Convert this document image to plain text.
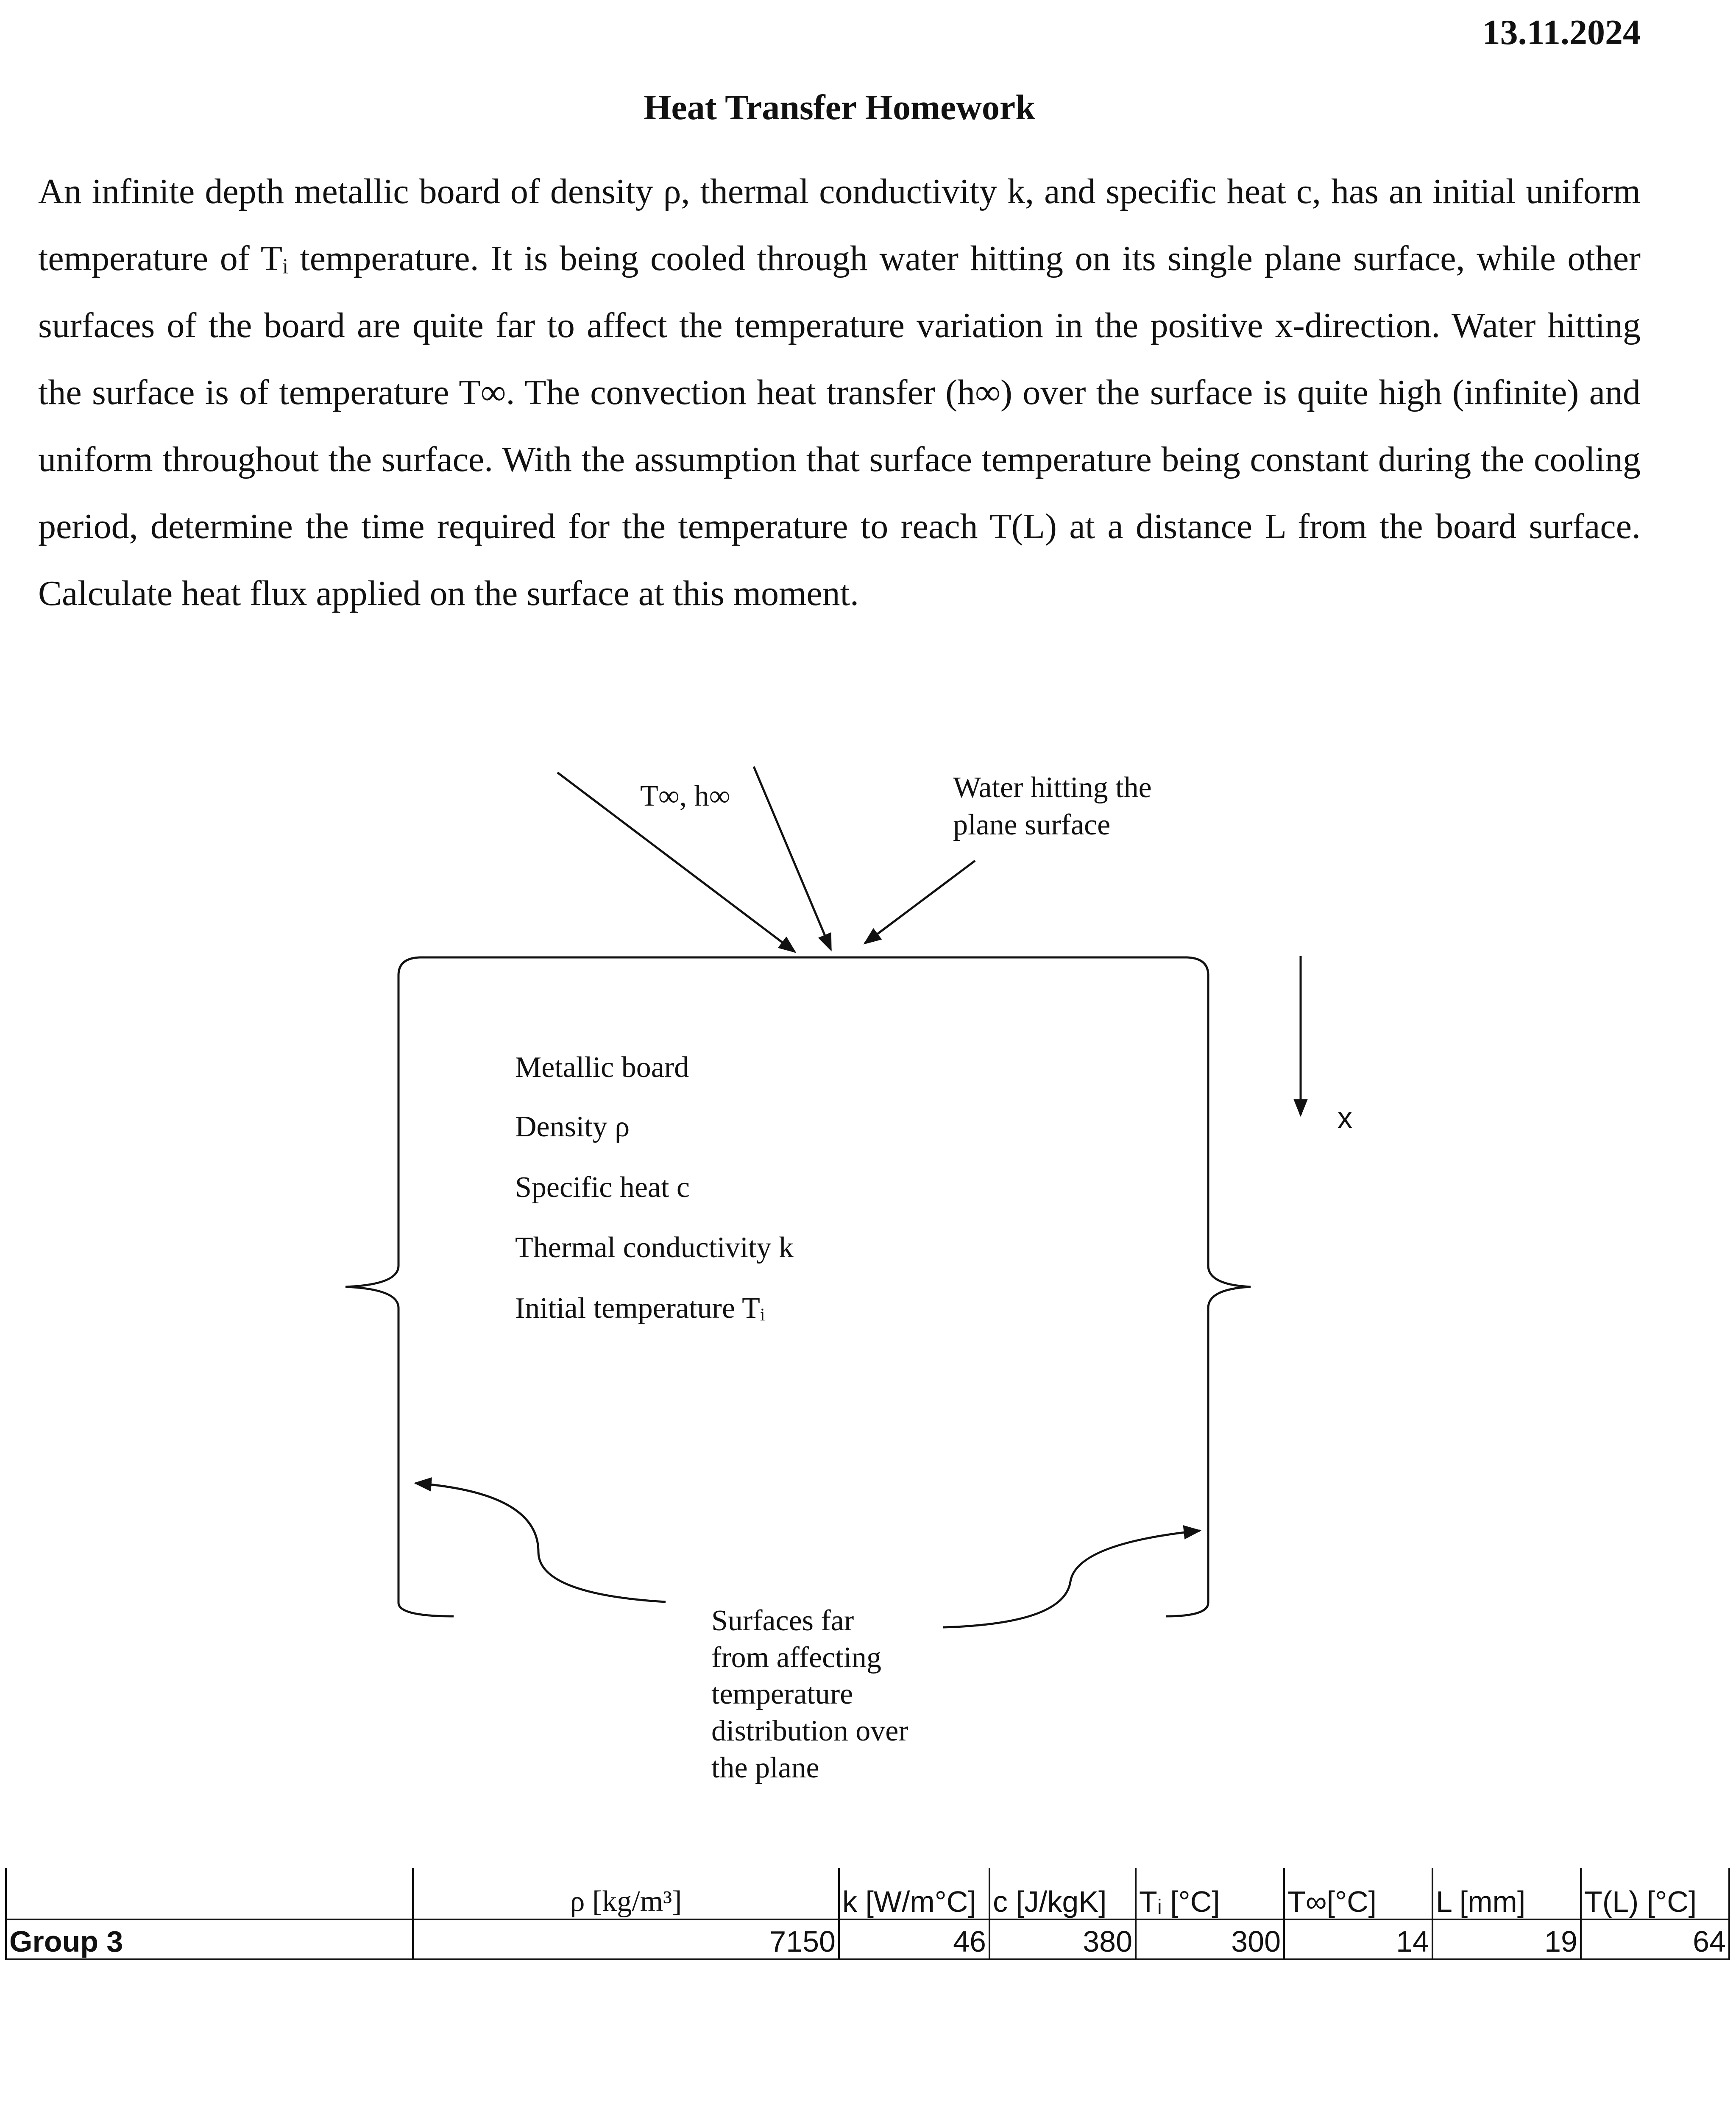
13.11.2024
Heat Transfer Homework

An infinite depth metallic board of density ρ, thermal conductivity k, and specific heat c, has an initial uniform temperature of Tᵢ temperature. It is being cooled through water hitting on its single plane surface, while other surfaces of the board are quite far to affect the temperature variation in the positive x-direction. Water hitting the surface is of temperature T∞. The convection heat transfer (h∞) over the surface is quite high (infinite) and uniform throughout the surface. With the assumption that surface temperature being constant during the cooling period, determine the time required for the temperature to reach T(L) at a distance L from the board surface. Calculate heat flux applied on the surface at this moment.

T∞, h∞	Water hitting the
plane surface
x
Metallic board
Density ρ
Specific heat c
Thermal conductivity k
Initial temperature Tᵢ
Surfaces far
from affecting
temperature
distribution over
the plane
	ρ [kg/m³]	k [W/m°C]	c [J/kgK]	Tᵢ [°C]	T∞[°C]	L [mm]	T(L) [°C]
Group 3	7150	46	380	300	14	19	64
